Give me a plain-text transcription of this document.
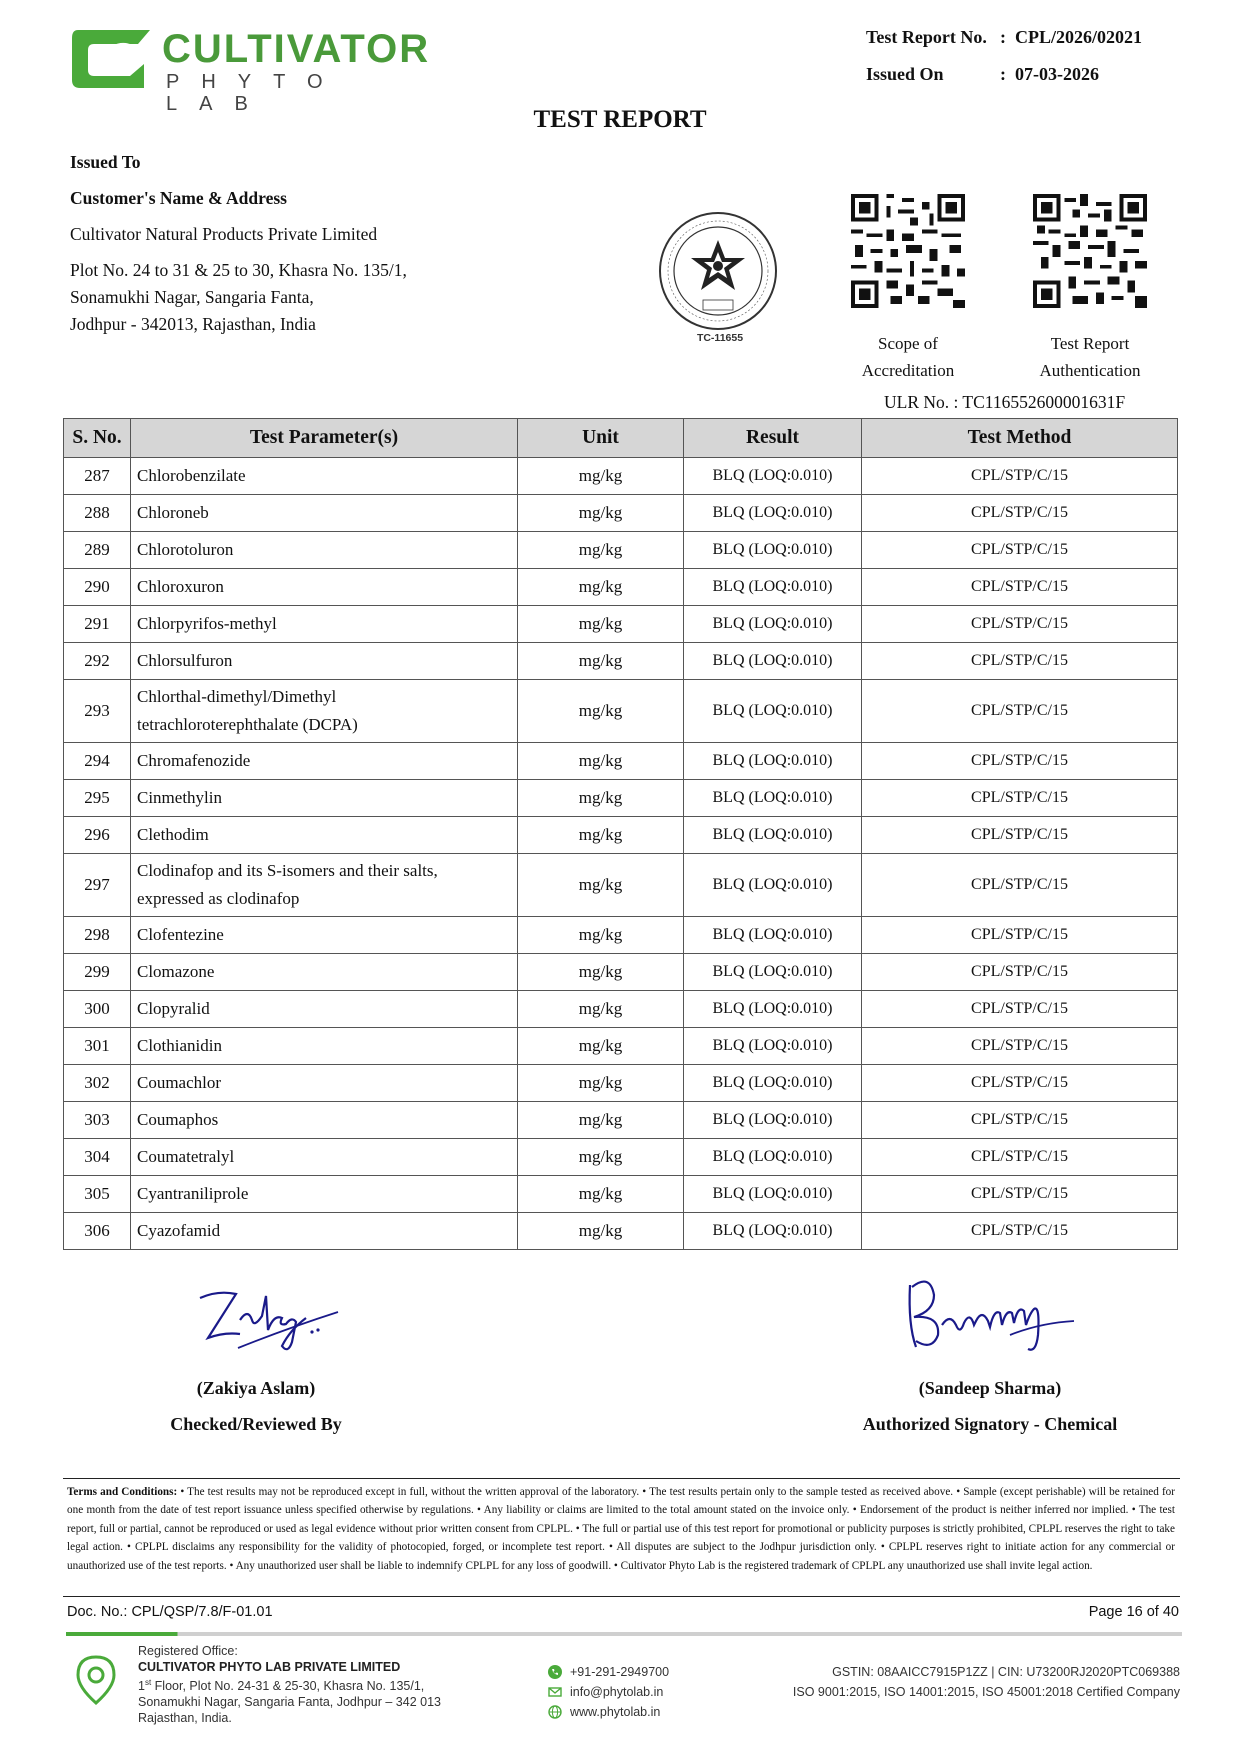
CULTIVATOR
PHYTO LAB
Test Report No. : CPL/2026/02021
Issued On	: 07-03-2026
TEST REPORT
Issued To
Customer's Name & Address
Cultivator Natural Products Private Limited
Plot No. 24 to 31 & 25 to 30, Khasra No. 135/1,
Sonamukhi Nagar, Sangaria Fanta,
Jodhpur - 342013, Rajasthan, India
TC-11655	Scope of
Accreditation
Test Report
Authentication
ULR No. : TC116552600001631F
S. No.	Test Parameter(s)	Unit	Result	Test Method
287	Chlorobenzilate	mg/kg	BLQ (LOQ:0.010)	CPL/STP/C/15
288	Chloroneb	mg/kg	BLQ (LOQ:0.010)	CPL/STP/C/15
289	Chlorotoluron	mg/kg	BLQ (LOQ:0.010)	CPL/STP/C/15
290	Chloroxuron	mg/kg	BLQ (LOQ:0.010)	CPL/STP/C/15
291	Chlorpyrifos-methyl	mg/kg	BLQ (LOQ:0.010)	CPL/STP/C/15
292	Chlorsulfuron	mg/kg	BLQ (LOQ:0.010)	CPL/STP/C/15
293	Chlorthal-dimethyl/Dimethyl
tetrachloroterephthalate (DCPA)	mg/kg	BLQ (LOQ:0.010)	CPL/STP/C/15
294	Chromafenozide	mg/kg	BLQ (LOQ:0.010)	CPL/STP/C/15
295	Cinmethylin	mg/kg	BLQ (LOQ:0.010)	CPL/STP/C/15
296	Clethodim	mg/kg	BLQ (LOQ:0.010)	CPL/STP/C/15
297	Clodinafop and its S-isomers and their salts,
expressed as clodinafop	mg/kg	BLQ (LOQ:0.010)	CPL/STP/C/15
298	Clofentezine	mg/kg	BLQ (LOQ:0.010)	CPL/STP/C/15
299	Clomazone	mg/kg	BLQ (LOQ:0.010)	CPL/STP/C/15
300	Clopyralid	mg/kg	BLQ (LOQ:0.010)	CPL/STP/C/15
301	Clothianidin	mg/kg	BLQ (LOQ:0.010)	CPL/STP/C/15
302	Coumachlor	mg/kg	BLQ (LOQ:0.010)	CPL/STP/C/15
303	Coumaphos	mg/kg	BLQ (LOQ:0.010)	CPL/STP/C/15
304	Coumatetralyl	mg/kg	BLQ (LOQ:0.010)	CPL/STP/C/15
305	Cyantraniliprole	mg/kg	BLQ (LOQ:0.010)	CPL/STP/C/15
306	Cyazofamid	mg/kg	BLQ (LOQ:0.010)	CPL/STP/C/15
(Zakiya Aslam)
Checked/Reviewed By
(Sandeep Sharma)
Authorized Signatory - Chemical
Terms and Conditions: • The test results may not be reproduced except in full, without the written approval of the laboratory. • The test results pertain only to the sample tested as received above. • Sample (except perishable) will be retained for one month from the date of test report issuance unless specified otherwise by regulations. • Any liability or claims are limited to the total amount stated on the invoice only. • Endorsement of the product is neither inferred nor implied. • The test report, full or partial, cannot be reproduced or used as legal evidence without prior written consent from CPLPL. • The full or partial use of this test report for promotional or publicity purposes is strictly prohibited, CPLPL reserves the right to take legal action. • CPLPL disclaims any responsibility for the validity of photocopied, forged, or incomplete test report. • All disputes are subject to the Jodhpur jurisdiction only. • CPLPL reserves right to initiate action for any commercial or unauthorized use of the test reports. • Any unauthorized user shall be liable to indemnify CPLPL for any loss of goodwill. • Cultivator Phyto Lab is the registered trademark of CPLPL any unauthorized use shall invite legal action.
Doc. No.: CPL/QSP/7.8/F-01.01	Page 16 of 40
Registered Office:
CULTIVATOR PHYTO LAB PRIVATE LIMITED
1st Floor, Plot No. 24-31 & 25-30, Khasra No. 135/1,
Sonamukhi Nagar, Sangaria Fanta, Jodhpur – 342 013
Rajasthan, India.
+91-291-2949700
info@phytolab.in
www.phytolab.in
GSTIN: 08AAICC7915P1ZZ | CIN: U73200RJ2020PTC069388
ISO 9001:2015, ISO 14001:2015, ISO 45001:2018 Certified Company
